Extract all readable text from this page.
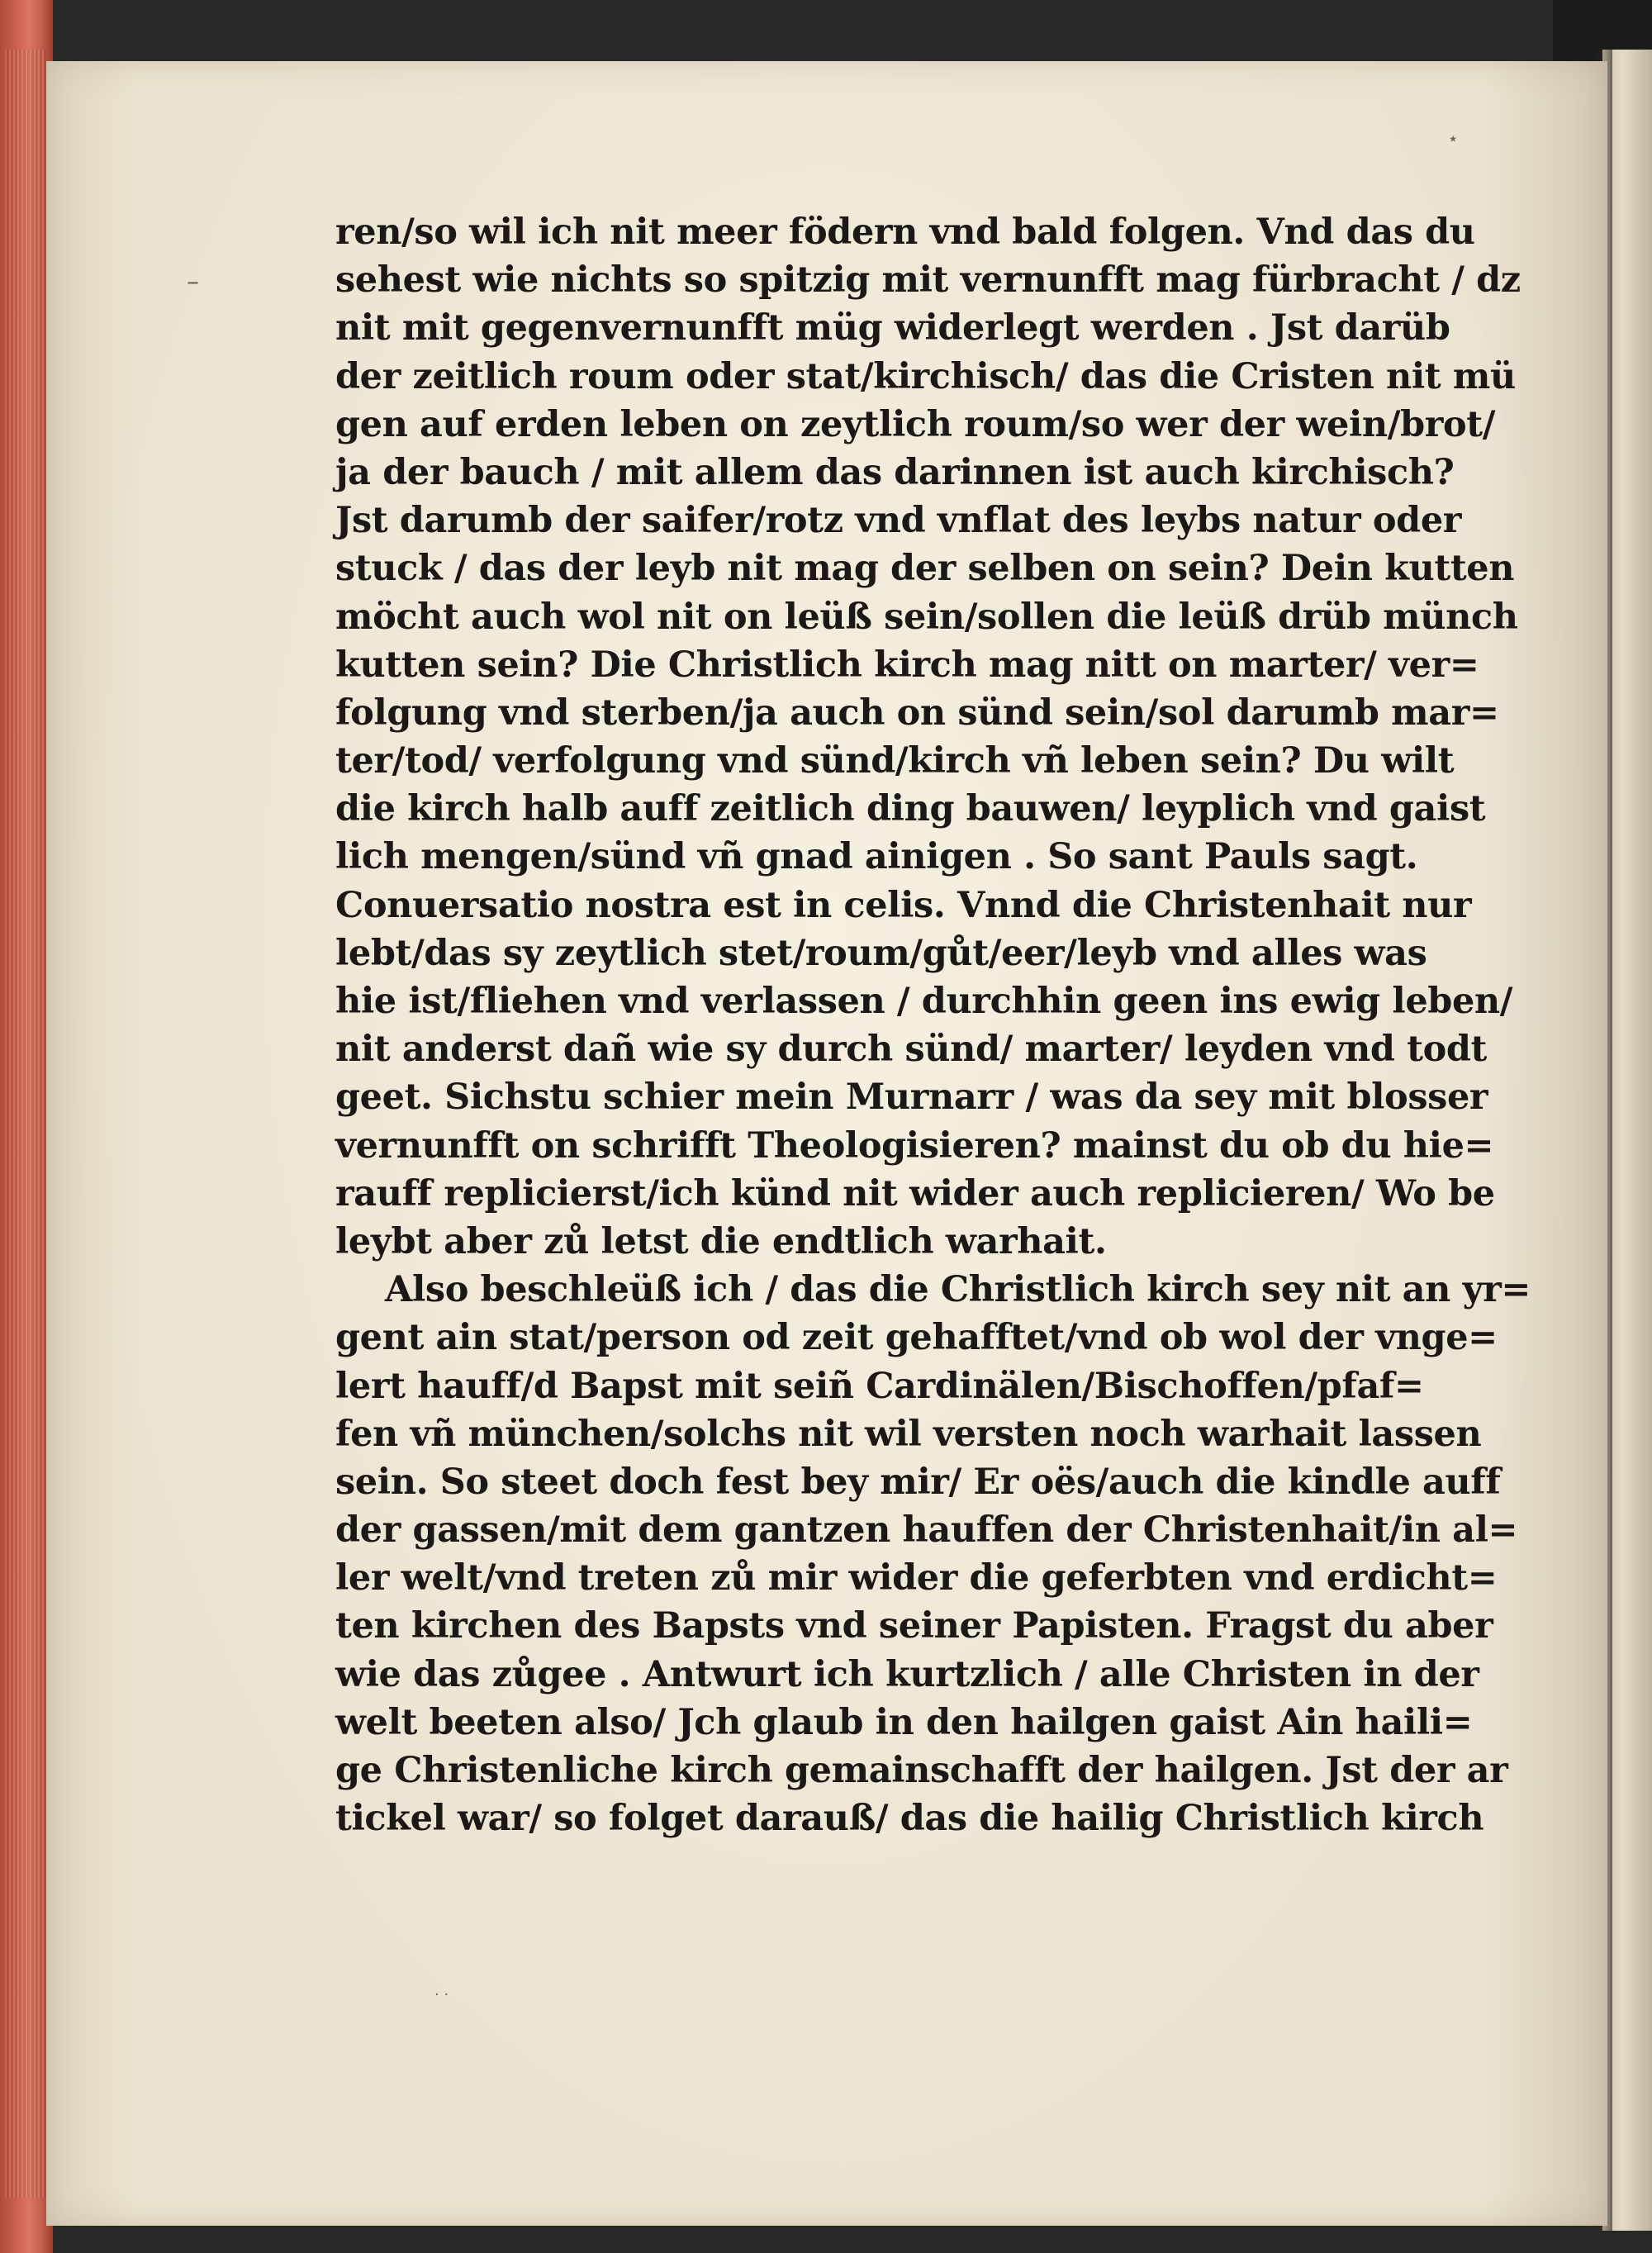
–
⋆
· ·
ren/so wil ich nit meer födern vnd bald folgen. Vnd das du
sehest wie nichts so spitzig mit vernunfft mag fürbracht / dz
nit mit gegenvernunfft müg widerlegt werden . Jst darüb
der zeitlich roum oder stat/kirchisch/ das die Cristen nit mü
gen auf erden leben on zeytlich roum/so wer der wein/brot/
ja der bauch / mit allem das darinnen ist auch kirchisch?
Jst darumb der saifer/rotz vnd vnflat des leybs natur oder
stuck / das der leyb nit mag der selben on sein? Dein kutten
möcht auch wol nit on leüß sein/sollen die leüß drüb münch
kutten sein? Die Christlich kirch mag nitt on marter/ ver=
folgung vnd sterben/ja auch on sünd sein/sol darumb mar=
ter/tod/ verfolgung vnd sünd/kirch vñ leben sein? Du wilt
die kirch halb auff zeitlich ding bauwen/ leyplich vnd gaist
lich mengen/sünd vñ gnad ainigen . So sant Pauls sagt.
Conuersatio nostra est in celis. Vnnd die Christenhait nur
lebt/das sy zeytlich stet/roum/gůt/eer/leyb vnd alles was
hie ist/fliehen vnd verlassen / durchhin geen ins ewig leben/
nit anderst dañ wie sy durch sünd/ marter/ leyden vnd todt
geet. Sichstu schier mein Murnarr / was da sey mit blosser
vernunfft on schrifft Theologisieren? mainst du ob du hie=
rauff replicierst/ich künd nit wider auch replicieren/ Wo be
leybt aber zů letst die endtlich warhait.
Also beschleüß ich / das die Christlich kirch sey nit an yr=
gent ain stat/person od zeit gehafftet/vnd ob wol der vnge=
lert hauff/d Bapst mit seiñ Cardinälen/Bischoffen/pfaf=
fen vñ münchen/solchs nit wil versten noch warhait lassen
sein. So steet doch fest bey mir/ Er oës/auch die kindle auff
der gassen/mit dem gantzen hauffen der Christenhait/in al=
ler welt/vnd treten zů mir wider die geferbten vnd erdicht=
ten kirchen des Bapsts vnd seiner Papisten. Fragst du aber
wie das zůgee . Antwurt ich kurtzlich / alle Christen in der
welt beeten also/ Jch glaub in den hailgen gaist Ain haili=
ge Christenliche kirch gemainschafft der hailgen. Jst der ar
tickel war/ so folget darauß/ das die hailig Christlich kirch
